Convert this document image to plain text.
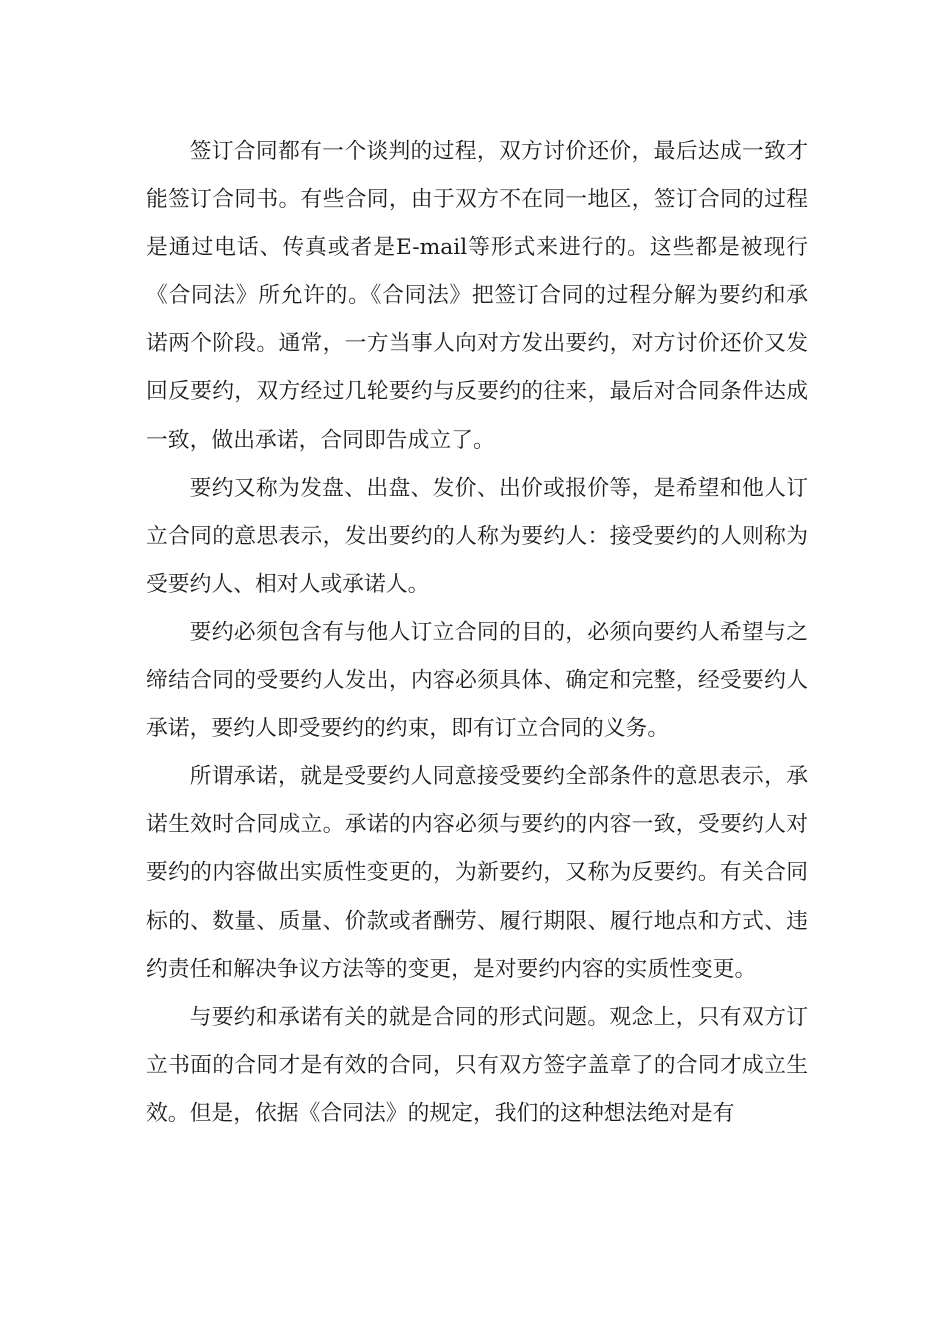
签订合同都有一个谈判的过程，双方讨价还价，最后达成一致才能签订合同书。有些合同，由于双方不在同一地区，签订合同的过程是通过电话、传真或者是E-mail等形式来进行的。这些都是被现行《合同法》所允许的。《合同法》把签订合同的过程分解为要约和承诺两个阶段。通常，一方当事人向对方发出要约，对方讨价还价又发回反要约，双方经过几轮要约与反要约的往来，最后对合同条件达成一致，做出承诺，合同即告成立了。

要约又称为发盘、出盘、发价、出价或报价等，是希望和他人订立合同的意思表示，发出要约的人称为要约人：接受要约的人则称为受要约人、相对人或承诺人。

要约必须包含有与他人订立合同的目的，必须向要约人希望与之缔结合同的受要约人发出，内容必须具体、确定和完整，经受要约人承诺，要约人即受要约的约束，即有订立合同的义务。

所谓承诺，就是受要约人同意接受要约全部条件的意思表示，承诺生效时合同成立。承诺的内容必须与要约的内容一致，受要约人对要约的内容做出实质性变更的，为新要约，又称为反要约。有关合同标的、数量、质量、价款或者酬劳、履行期限、履行地点和方式、违约责任和解决争议方法等的变更，是对要约内容的实质性变更。

与要约和承诺有关的就是合同的形式问题。观念上，只有双方订立书面的合同才是有效的合同，只有双方签字盖章了的合同才成立生效。但是，依据《合同法》的规定，我们的这种想法绝对是有
